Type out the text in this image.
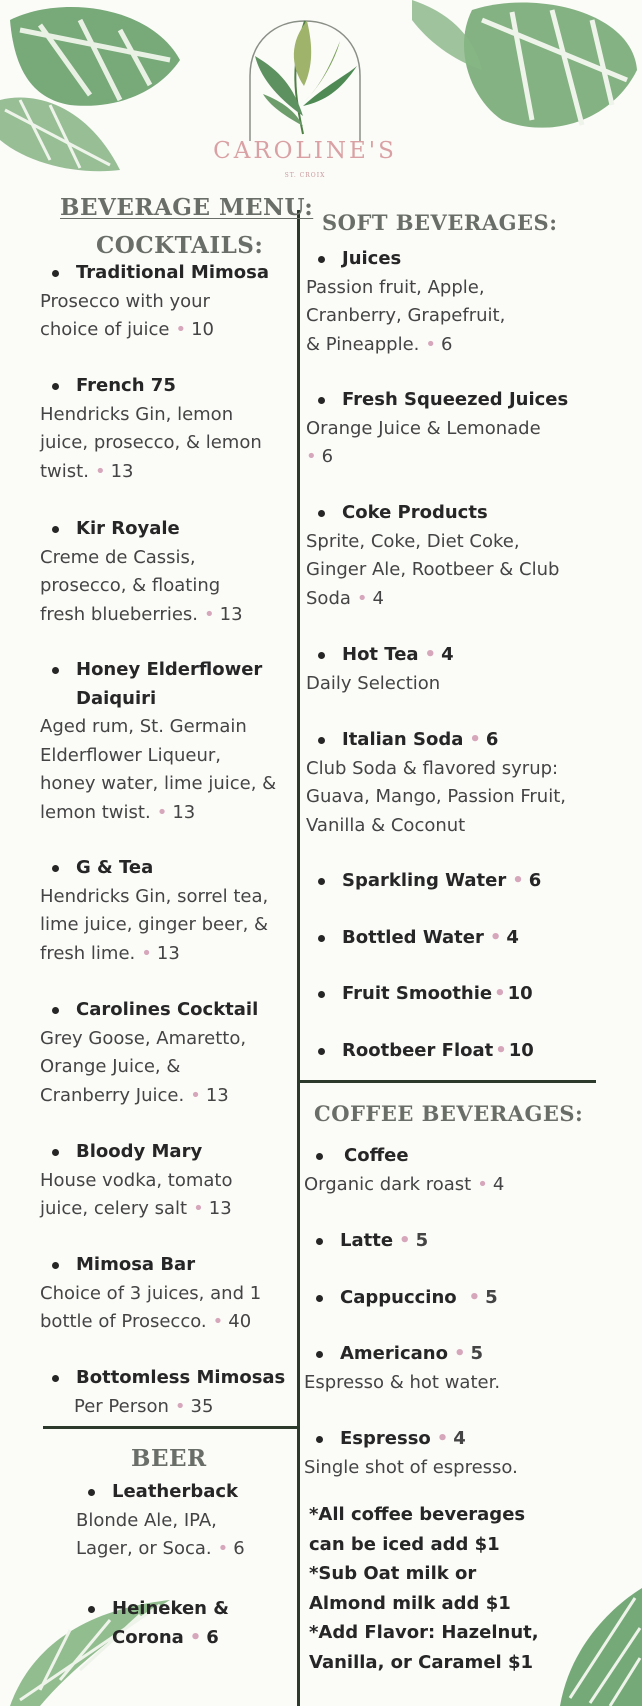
CAROLINE'S
ST. CROIX
BEVERAGE MENU:
COCKTAILS:
Traditional Mimosa
Prosecco with your
choice of juice • 10
French 75
Hendricks Gin, lemon
juice, prosecco, & lemon
twist. • 13
Kir Royale
Creme de Cassis,
prosecco, & floating
fresh blueberries. • 13
Honey Elderflower
Daiquiri
Aged rum, St. Germain
Elderflower Liqueur,
honey water, lime juice, &
lemon twist. • 13
G & Tea
Hendricks Gin, sorrel tea,
lime juice, ginger beer, &
fresh lime. • 13
Carolines Cocktail
Grey Goose, Amaretto,
Orange Juice, &
Cranberry Juice. • 13
Bloody Mary
House vodka, tomato
juice, celery salt • 13
Mimosa Bar
Choice of 3 juices, and 1
bottle of Prosecco. • 40
Bottomless Mimosas
Per Person • 35
BEER
Leatherback
Blonde Ale, IPA,
Lager, or Soca. • 6
Heineken &
Corona • 6
SOFT BEVERAGES:
Juices
Passion fruit, Apple,
Cranberry, Grapefruit,
& Pineapple. • 6
Fresh Squeezed Juices
Orange Juice & Lemonade
• 6
Coke Products
Sprite, Coke, Diet Coke,
Ginger Ale, Rootbeer & Club
Soda • 4
Hot Tea • 4
Daily Selection
Italian Soda • 6
Club Soda & flavored syrup:
Guava, Mango, Passion Fruit,
Vanilla & Coconut
Sparkling Water • 6
Bottled Water • 4
Fruit Smoothie • 10
Rootbeer Float • 10
COFFEE BEVERAGES:
Coffee
Organic dark roast • 4
Latte • 5
Cappuccino • 5
Americano • 5
Espresso & hot water.
Espresso • 4
Single shot of espresso.
*All coffee beverages
can be iced add $1
*Sub Oat milk or
Almond milk add $1
*Add Flavor: Hazelnut,
Vanilla, or Caramel $1
